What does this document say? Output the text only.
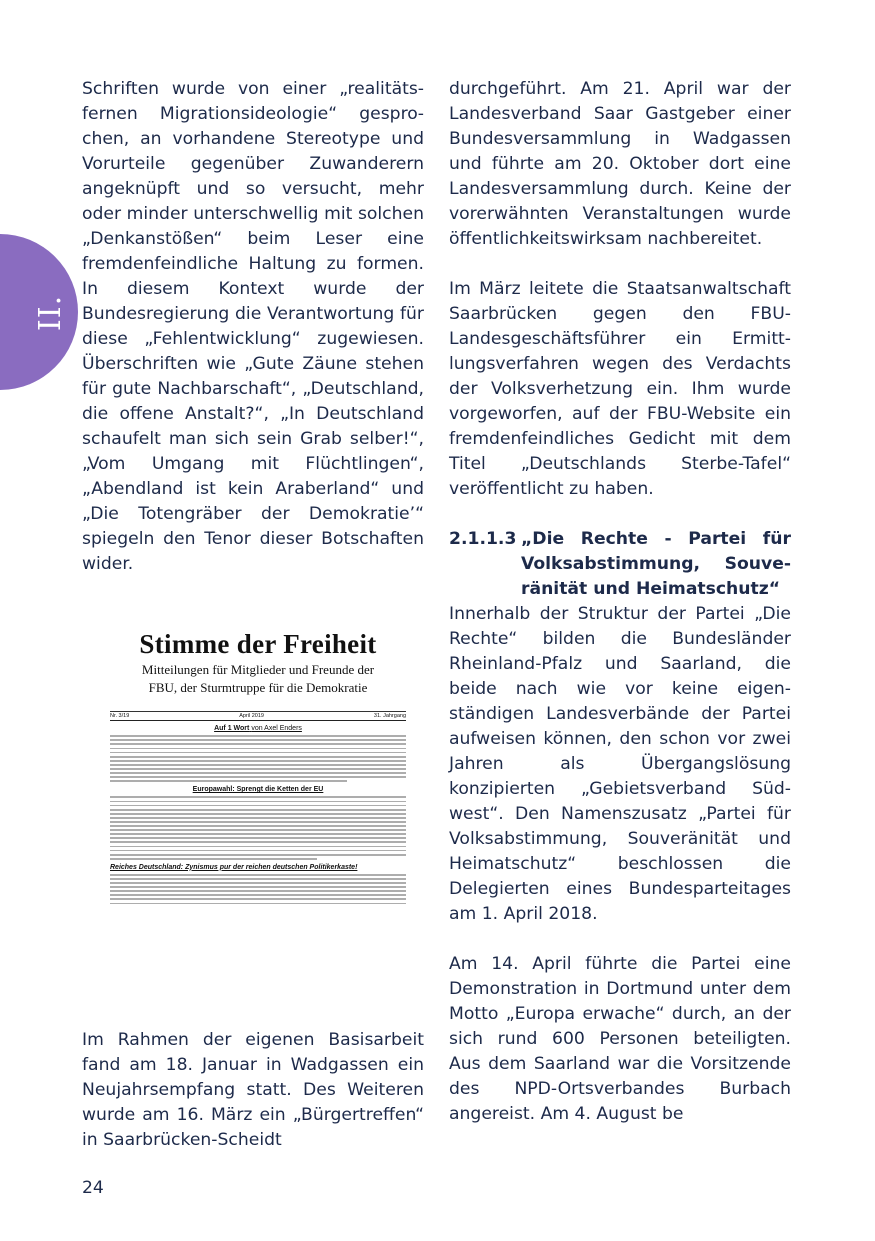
II.

Schriften wurde von einer „realitätsfernen Migrationsideologie“ gesprochen, an vorhandene Stereotype und Vorurteile gegenüber Zuwanderern angeknüpft und so versucht, mehr oder minder unterschwellig mit solchen „Denkanstößen“ beim Leser eine fremdenfeindliche Haltung zu formen. In diesem Kontext wurde der Bundesregierung die Verantwortung für diese „Fehlentwicklung“ zugewiesen. Überschriften wie „Gute Zäune stehen für gute Nachbarschaft“, „Deutschland, die offene Anstalt?“, „In Deutschland schaufelt man sich sein Grab selber!“, „Vom Umgang mit Flüchtlingen“, „Abendland ist kein Araberland“ und „Die Totengräber der Demokratie’“ spiegeln den Tenor dieser Botschaften wider.

Stimme der Freiheit
Mitteilungen für Mitglieder und Freunde der
FBU, der Sturmtruppe für die Demokratie
Nr. 3/19	April 2019	31. Jahrgang
Auf 1 Wort von Axel Enders
Europawahl: Sprengt die Ketten der EU
Reiches Deutschland: Zynismus pur der reichen deutschen Politikerkaste!

Im Rahmen der eigenen Basisarbeit fand am 18. Januar in Wadgassen ein Neujahrsempfang statt. Des Weiteren wurde am 16. März ein „Bürgertreffen“ in Saarbrücken-Scheidt

durchgeführt. Am 21. April war der Landesverband Saar Gastgeber einer Bundesversammlung in Wadgassen und führte am 20. Oktober dort eine Landesversammlung durch. Keine der vorerwähnten Veranstaltungen wurde öffentlichkeitswirksam nachbereitet.

Im März leitete die Staatsanwaltschaft Saarbrücken gegen den FBU-Landesgeschäftsführer ein Ermittlungsverfahren wegen des Verdachts der Volksverhetzung ein. Ihm wurde vorgeworfen, auf der FBU-Website ein fremdenfeindliches Gedicht mit dem Titel „Deutschlands Sterbe-Tafel“ veröffentlicht zu haben.

2.1.1.3 „Die Rechte - Partei für Volksabstimmung, Souveränität und Heimatschutz“

Innerhalb der Struktur der Partei „Die Rechte“ bilden die Bundesländer Rheinland-Pfalz und Saarland, die beide nach wie vor keine eigenständigen Landesverbände der Partei aufweisen können, den schon vor zwei Jahren als Übergangslösung konzipierten „Gebietsverband Südwest“. Den Namenszusatz „Partei für Volksabstimmung, Souveränität und Heimatschutz“ beschlossen die Delegierten eines Bundesparteitages am 1. April 2018.

Am 14. April führte die Partei eine Demonstration in Dortmund unter dem Motto „Europa erwache“ durch, an der sich rund 600 Personen beteiligten. Aus dem Saarland war die Vorsitzende des NPD-Ortsverbandes Burbach angereist. Am 4. August be

24
